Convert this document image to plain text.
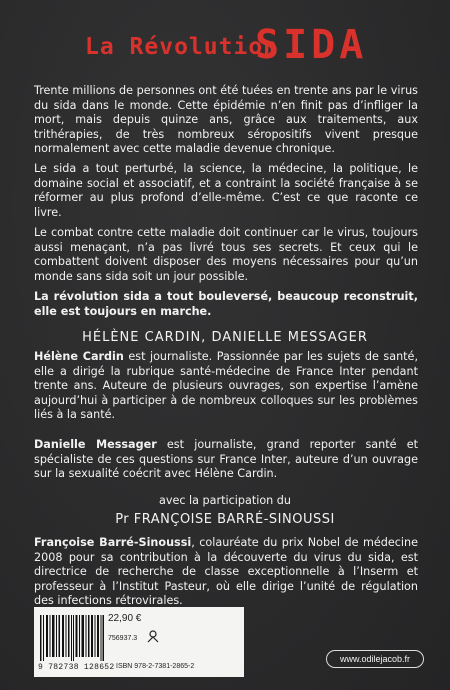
La Révolution
SIDA

Trente millions de personnes ont été tuées en trente ans par le virus du sida dans le monde. Cette épidémie n’en finit pas d’infliger la mort, mais depuis quinze ans, grâce aux traitements, aux trithérapies, de très nombreux séropositifs vivent presque normalement avec cette maladie devenue chronique.

Le sida a tout perturbé, la science, la médecine, la politique, le domaine social et associatif, et a contraint la société française à se réformer au plus profond d’elle-même. C’est ce que raconte ce livre.

Le combat contre cette maladie doit continuer car le virus, toujours aussi menaçant, n’a pas livré tous ses secrets. Et ceux qui le combattent doivent disposer des moyens nécessaires pour qu’un monde sans sida soit un jour possible.

La révolution sida a tout bouleversé, beaucoup reconstruit, elle est toujours en marche.

HÉLÈNE CARDIN, DANIELLE MESSAGER

Hélène Cardin est journaliste. Passionnée par les sujets de santé, elle a dirigé la rubrique santé-médecine de France Inter pendant trente ans. Auteure de plusieurs ouvrages, son expertise l’amène aujourd’hui à participer à de nombreux colloques sur les problèmes liés à la santé.

Danielle Messager est journaliste, grand reporter santé et spécialiste de ces questions sur France Inter, auteure d’un ouvrage sur la sexualité coécrit avec Hélène Cardin.

avec la participation du
Pr FRANÇOISE BARRÉ-SINOUSSI

Françoise Barré-Sinoussi, colauréate du prix Nobel de médecine 2008 pour sa contribution à la découverte du virus du sida, est directrice de recherche de classe exceptionnelle à l’Inserm et professeur à l’Institut Pasteur, où elle dirige l’unité de régulation des infections rétrovirales.

22,90 €
756937.3
9 782738 128652 ISBN 978-2-7381-2865-2
www.odilejacob.fr
